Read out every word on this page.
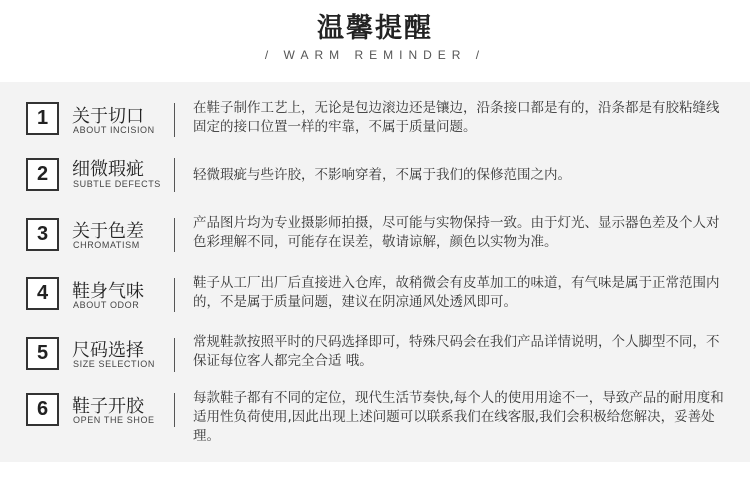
温馨提醒
/ WARM REMINDER /
1	关于切口
ABOUT INCISION
在鞋子制作工艺上，无论是包边滚边还是镶边，沿条接口都是有的，沿条都是有胶粘缝线固定的接口位置一样的牢靠，不属于质量问题。
2	细微瑕疵
SUBTLE DEFECTS
轻微瑕疵与些许胶，不影响穿着，不属于我们的保修范围之内。
3	关于色差
CHROMATISM
产品图片均为专业摄影师拍摄，尽可能与实物保持一致。由于灯光、显示器色差及个人对色彩理解不同，可能存在误差，敬请谅解，颜色以实物为准。
4	鞋身气味
ABOUT ODOR
鞋子从工厂出厂后直接进入仓库，故稍微会有皮革加工的味道，有气味是属于正常范围内的，不是属于质量问题，建议在阴凉通风处透风即可。
5	尺码选择
SIZE SELECTION
常规鞋款按照平时的尺码选择即可，特殊尺码会在我们产品详情说明，个人脚型不同，不保证每位客人都完全合适 哦。
6	鞋子开胶
OPEN THE SHOE
每款鞋子都有不同的定位，现代生活节奏快,每个人的使用用途不一，导致产品的耐用度和适用性负荷使用,因此出现上述问题可以联系我们在线客服,我们会积极给您解决，妥善处理。
